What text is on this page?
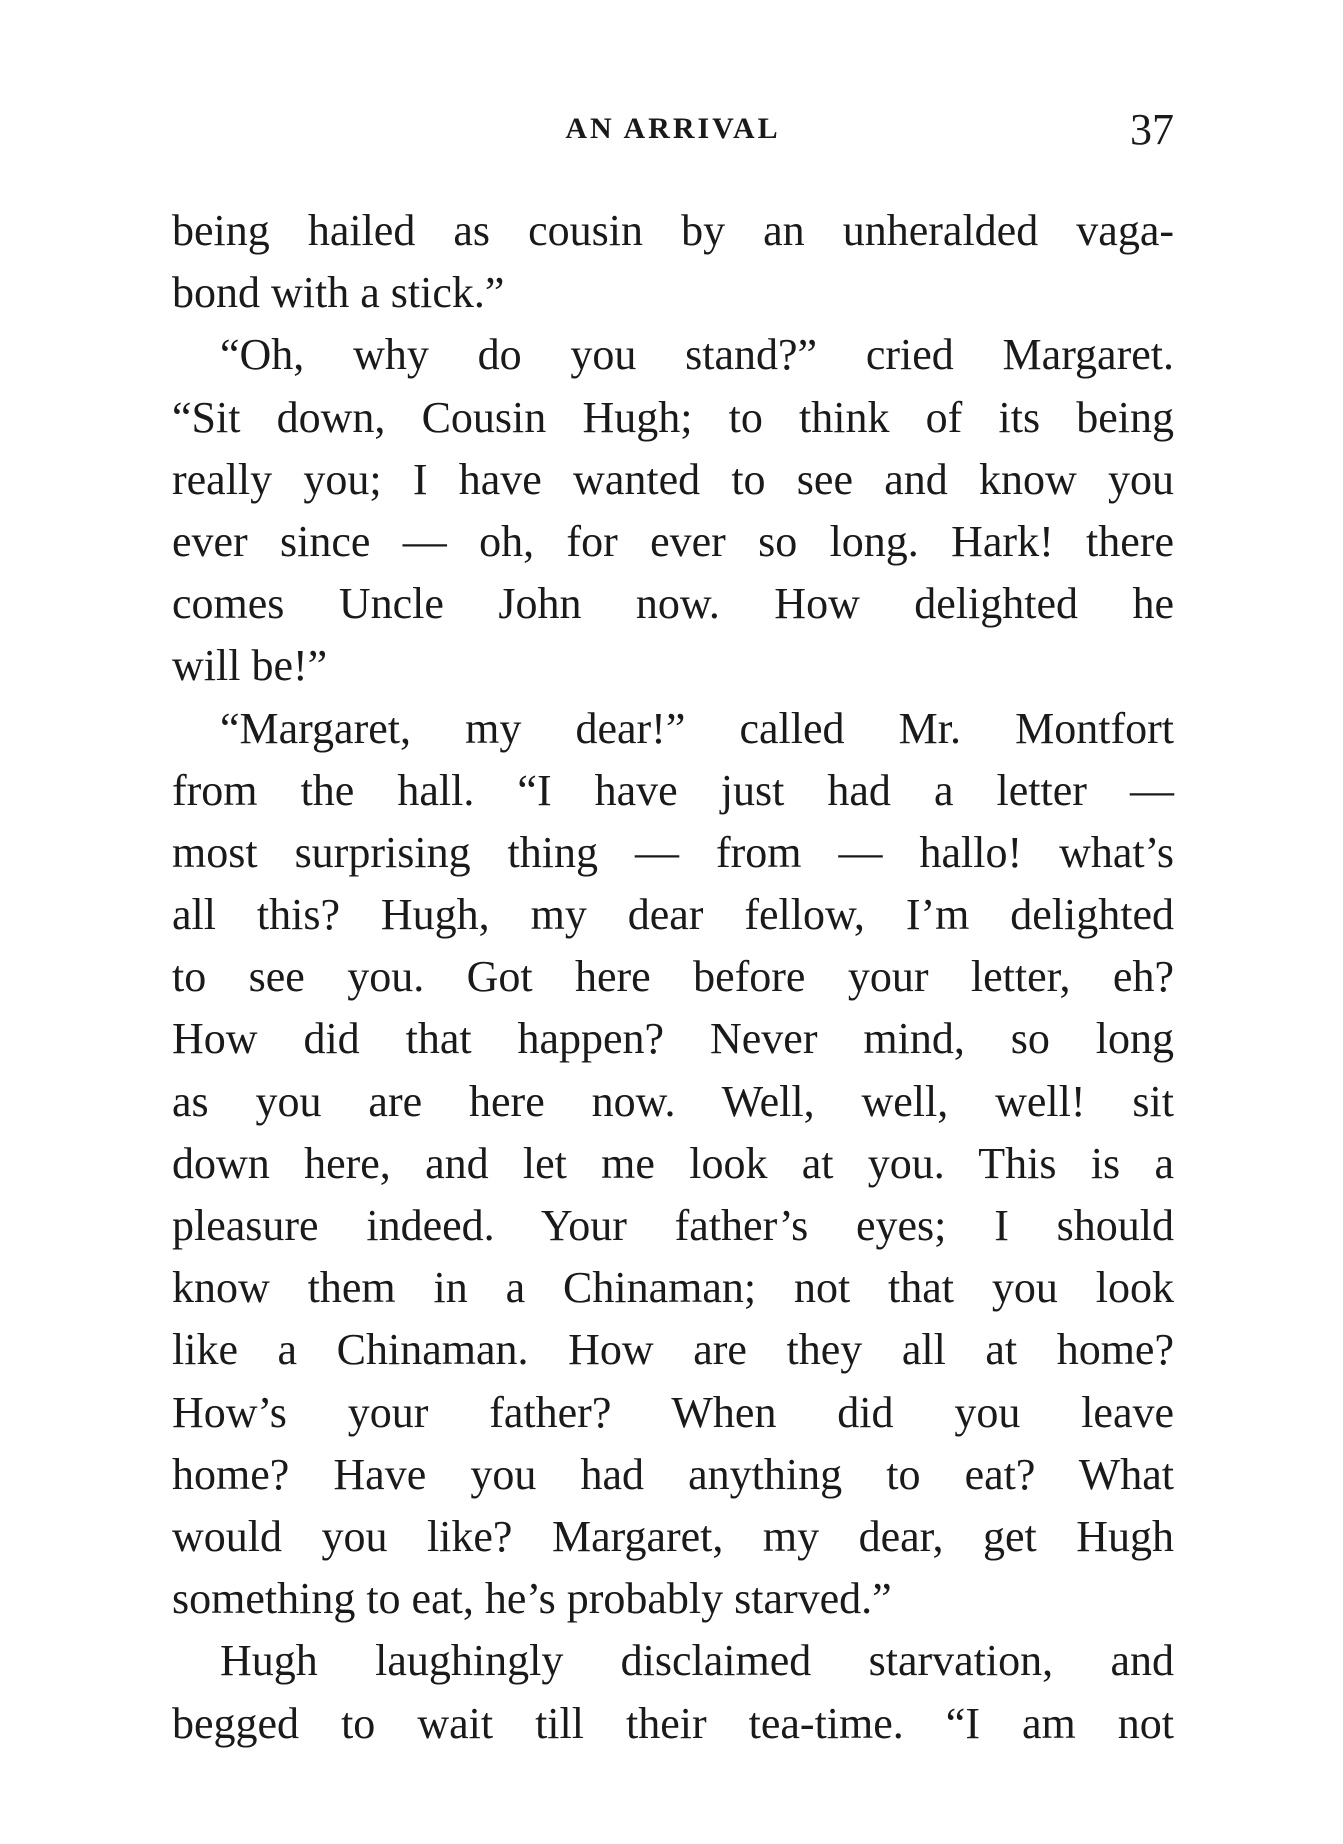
AN ARRIVAL	37
being hailed as cousin by an unheralded vaga-
bond with a stick.”
“Oh, why do you stand?” cried Margaret.
“Sit down, Cousin Hugh; to think of its being
really you; I have wanted to see and know you
ever since — oh, for ever so long. Hark! there
comes Uncle John now. How delighted he
will be!”
“Margaret, my dear!” called Mr. Montfort
from the hall. “I have just had a letter —
most surprising thing — from — hallo! what’s
all this? Hugh, my dear fellow, I’m delighted
to see you. Got here before your letter, eh?
How did that happen? Never mind, so long
as you are here now. Well, well, well! sit
down here, and let me look at you. This is a
pleasure indeed. Your father’s eyes; I should
know them in a Chinaman; not that you look
like a Chinaman. How are they all at home?
How’s your father? When did you leave
home? Have you had anything to eat? What
would you like? Margaret, my dear, get Hugh
something to eat, he’s probably starved.”
Hugh laughingly disclaimed starvation, and
begged to wait till their tea-time. “I am not
